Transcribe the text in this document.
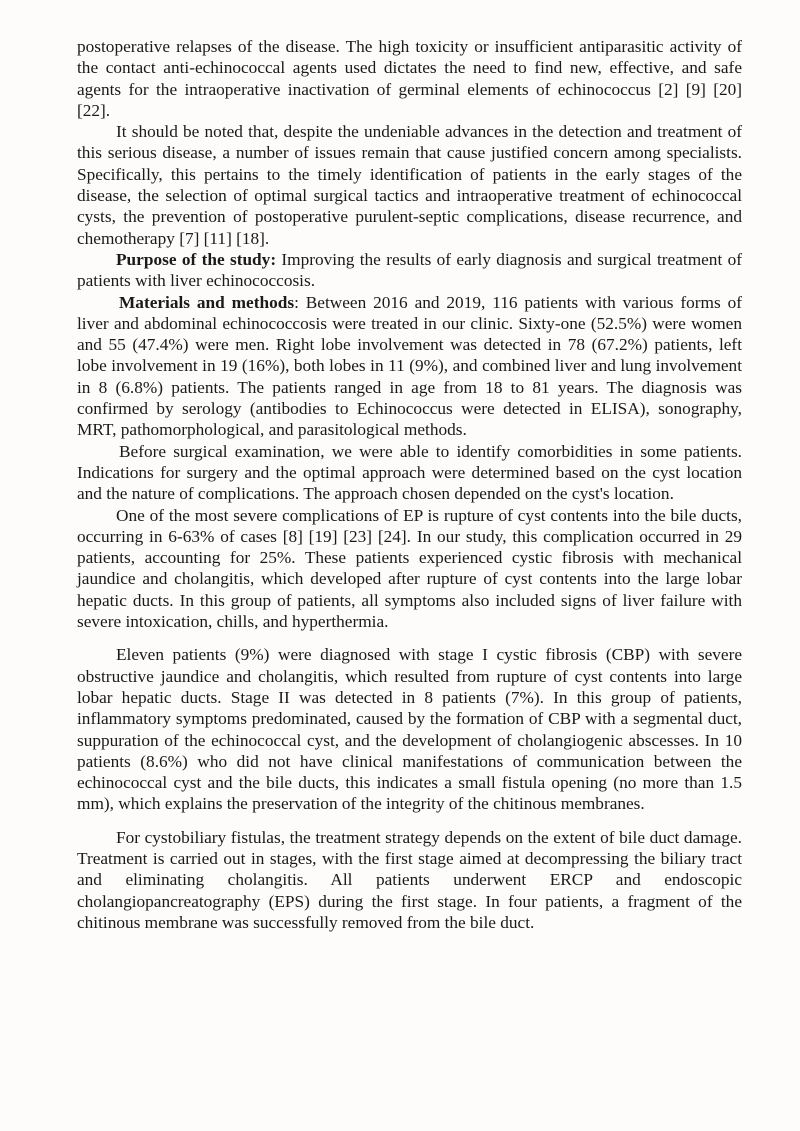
postoperative relapses of the disease. The high toxicity or insufficient antiparasitic activity of the contact anti-echinococcal agents used dictates the need to find new, effective, and safe agents for the intraoperative inactivation of germinal elements of echinococcus [2] [9] [20] [22].

It should be noted that, despite the undeniable advances in the detection and treatment of this serious disease, a number of issues remain that cause justified concern among specialists. Specifically, this pertains to the timely identification of patients in the early stages of the disease, the selection of optimal surgical tactics and intraoperative treatment of echinococcal cysts, the prevention of postoperative purulent-septic complications, disease recurrence, and chemotherapy [7] [11] [18].

Purpose of the study: Improving the results of early diagnosis and surgical treatment of patients with liver echinococcosis.

Materials and methods: Between 2016 and 2019, 116 patients with various forms of liver and abdominal echinococcosis were treated in our clinic. Sixty-one (52.5%) were women and 55 (47.4%) were men. Right lobe involvement was detected in 78 (67.2%) patients, left lobe involvement in 19 (16%), both lobes in 11 (9%), and combined liver and lung involvement in 8 (6.8%) patients. The patients ranged in age from 18 to 81 years. The diagnosis was confirmed by serology (antibodies to Echinococcus were detected in ELISA), sonography, MRT, pathomorphological, and parasitological methods.

Before surgical examination, we were able to identify comorbidities in some patients. Indications for surgery and the optimal approach were determined based on the cyst location and the nature of complications. The approach chosen depended on the cyst's location.

One of the most severe complications of EP is rupture of cyst contents into the bile ducts, occurring in 6-63% of cases [8] [19] [23] [24]. In our study, this complication occurred in 29 patients, accounting for 25%. These patients experienced cystic fibrosis with mechanical jaundice and cholangitis, which developed after rupture of cyst contents into the large lobar hepatic ducts. In this group of patients, all symptoms also included signs of liver failure with severe intoxication, chills, and hyperthermia.

Eleven patients (9%) were diagnosed with stage I cystic fibrosis (CBP) with severe obstructive jaundice and cholangitis, which resulted from rupture of cyst contents into large lobar hepatic ducts. Stage II was detected in 8 patients (7%). In this group of patients, inflammatory symptoms predominated, caused by the formation of CBP with a segmental duct, suppuration of the echinococcal cyst, and the development of cholangiogenic abscesses. In 10 patients (8.6%) who did not have clinical manifestations of communication between the echinococcal cyst and the bile ducts, this indicates a small fistula opening (no more than 1.5 mm), which explains the preservation of the integrity of the chitinous membranes.

For cystobiliary fistulas, the treatment strategy depends on the extent of bile duct damage. Treatment is carried out in stages, with the first stage aimed at decompressing the biliary tract and eliminating cholangitis. All patients underwent ERCP and endoscopic cholangiopancreatography (EPS) during the first stage. In four patients, a fragment of the chitinous membrane was successfully removed from the bile duct.
